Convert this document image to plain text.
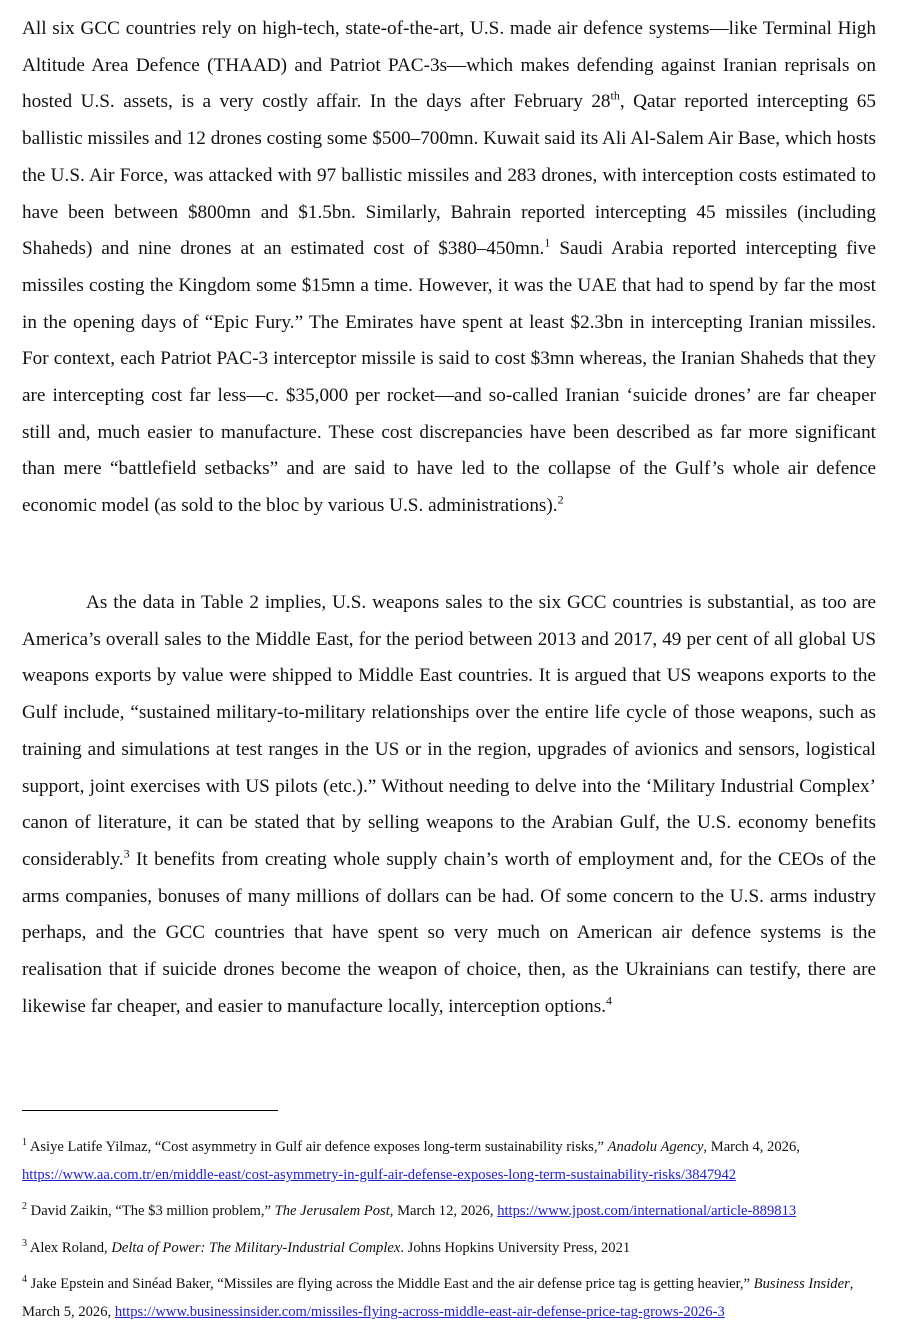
All six GCC countries rely on high-tech, state-of-the-art, U.S. made air defence systems—like Terminal High Altitude Area Defence (THAAD) and Patriot PAC-3s—which makes defending against Iranian reprisals on hosted U.S. assets, is a very costly affair. In the days after February 28th, Qatar reported intercepting 65 ballistic missiles and 12 drones costing some $500–700mn. Kuwait said its Ali Al-Salem Air Base, which hosts the U.S. Air Force, was attacked with 97 ballistic missiles and 283 drones, with interception costs estimated to have been between $800mn and $1.5bn. Similarly, Bahrain reported intercepting 45 missiles (including Shaheds) and nine drones at an estimated cost of $380–450mn.$^1$ Saudi Arabia reported intercepting five missiles costing the Kingdom some $15mn a time. However, it was the UAE that had to spend by far the most in the opening days of “Epic Fury.” The Emirates have spent at least $2.3bn in intercepting Iranian missiles. For context, each Patriot PAC-3 interceptor missile is said to cost $3mn whereas, the Iranian Shaheds that they are intercepting cost far less—c. $35,000 per rocket—and so-called Iranian ‘suicide drones’ are far cheaper still and, much easier to manufacture. These cost discrepancies have been described as far more significant than mere “battlefield setbacks” and are said to have led to the collapse of the Gulf’s whole air defence economic model (as sold to the bloc by various U.S. administrations).$^2$

As the data in Table 2 implies, U.S. weapons sales to the six GCC countries is substantial, as too are America’s overall sales to the Middle East, for the period between 2013 and 2017, 49 per cent of all global US weapons exports by value were shipped to Middle East countries. It is argued that US weapons exports to the Gulf include, “sustained military-to-military relationships over the entire life cycle of those weapons, such as training and simulations at test ranges in the US or in the region, upgrades of avionics and sensors, logistical support, joint exercises with US pilots (etc.).” Without needing to delve into the ‘Military Industrial Complex’ canon of literature, it can be stated that by selling weapons to the Arabian Gulf, the U.S. economy benefits considerably.$^3$ It benefits from creating whole supply chain’s worth of employment and, for the CEOs of the arms companies, bonuses of many millions of dollars can be had. Of some concern to the U.S. arms industry perhaps, and the GCC countries that have spent so very much on American air defence systems is the realisation that if suicide drones become the weapon of choice, then, as the Ukrainians can testify, there are likewise far cheaper, and easier to manufacture locally, interception options.$^4$

$^1$ Asiye Latife Yilmaz, “Cost asymmetry in Gulf air defence exposes long-term sustainability risks,” Anadolu Agency, March 4, 2026,
https://www.aa.com.tr/en/middle-east/cost-asymmetry-in-gulf-air-defense-exposes-long-term-sustainability-risks/3847942
$^2$ David Zaikin, “The $3 million problem,” The Jerusalem Post, March 12, 2026, https://www.jpost.com/international/article-889813
$^3$ Alex Roland, Delta of Power: The Military-Industrial Complex. Johns Hopkins University Press, 2021
$^4$ Jake Epstein and Sinéad Baker, “Missiles are flying across the Middle East and the air defense price tag is getting heavier,” Business Insider, March 5, 2026, https://www.businessinsider.com/missiles-flying-across-middle-east-air-defense-price-tag-grows-2026-3
